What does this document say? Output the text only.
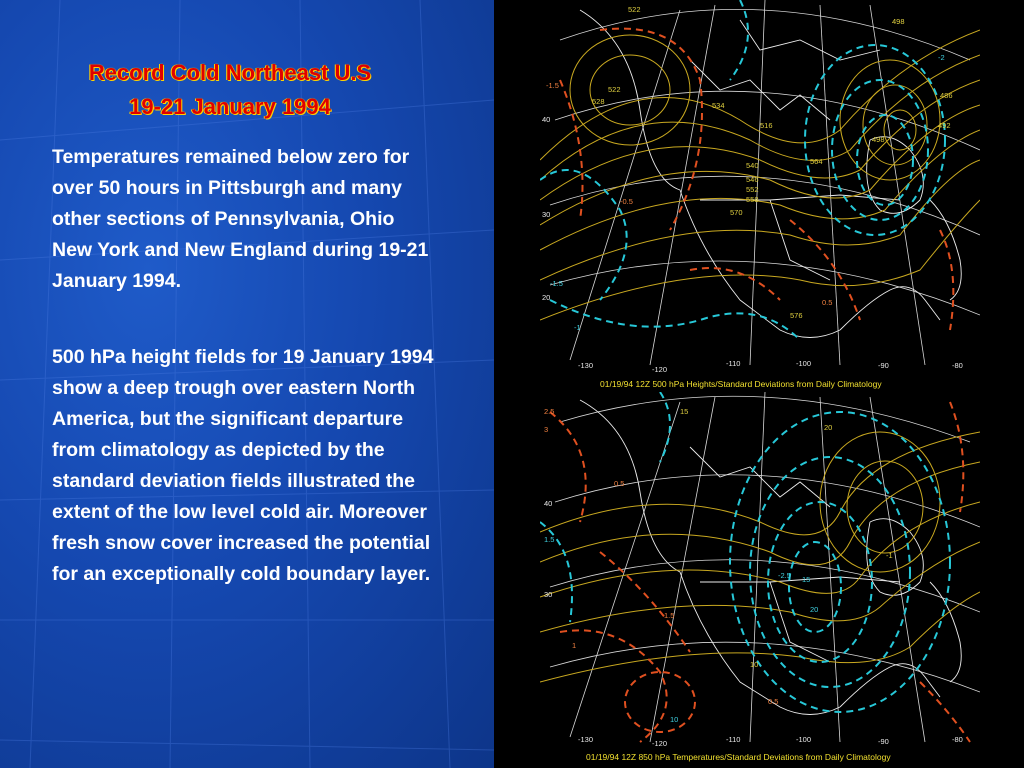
Record Cold Northeast U.S
19-21 January 1994

Temperatures remained below zero for over 50 hours in Pittsburgh and many other sections of Pennsylvania, Ohio New York and New England during 19-21 January 1994.

500 hPa height fields for 19 January 1994 show a deep trough over eastern North America, but the significant departure from climatology as depicted by the standard deviation fields illustrated the extent of the low level cold air. Moreover fresh snow cover increased the potential for an exceptionally cold boundary layer.

-130	-120
-110	-100	-90	-80
40
30
20
522
528
522
516
534
540
546
552
558
564
570
576
498
486
492
498
-1.5
0.5
-0.5
-1.5
-1
-2
01/19/94 12Z 500 hPa Heights/Standard Deviations from Daily Climatology
-130	-120	-110	-100	-90	-80
40
30
2.5
3
0.5
1.5
0.5
1
1.5
10
-2.5 15
20
10
15
20
-1
01/19/94 12Z 850 hPa Temperatures/Standard Deviations from Daily Climatology
